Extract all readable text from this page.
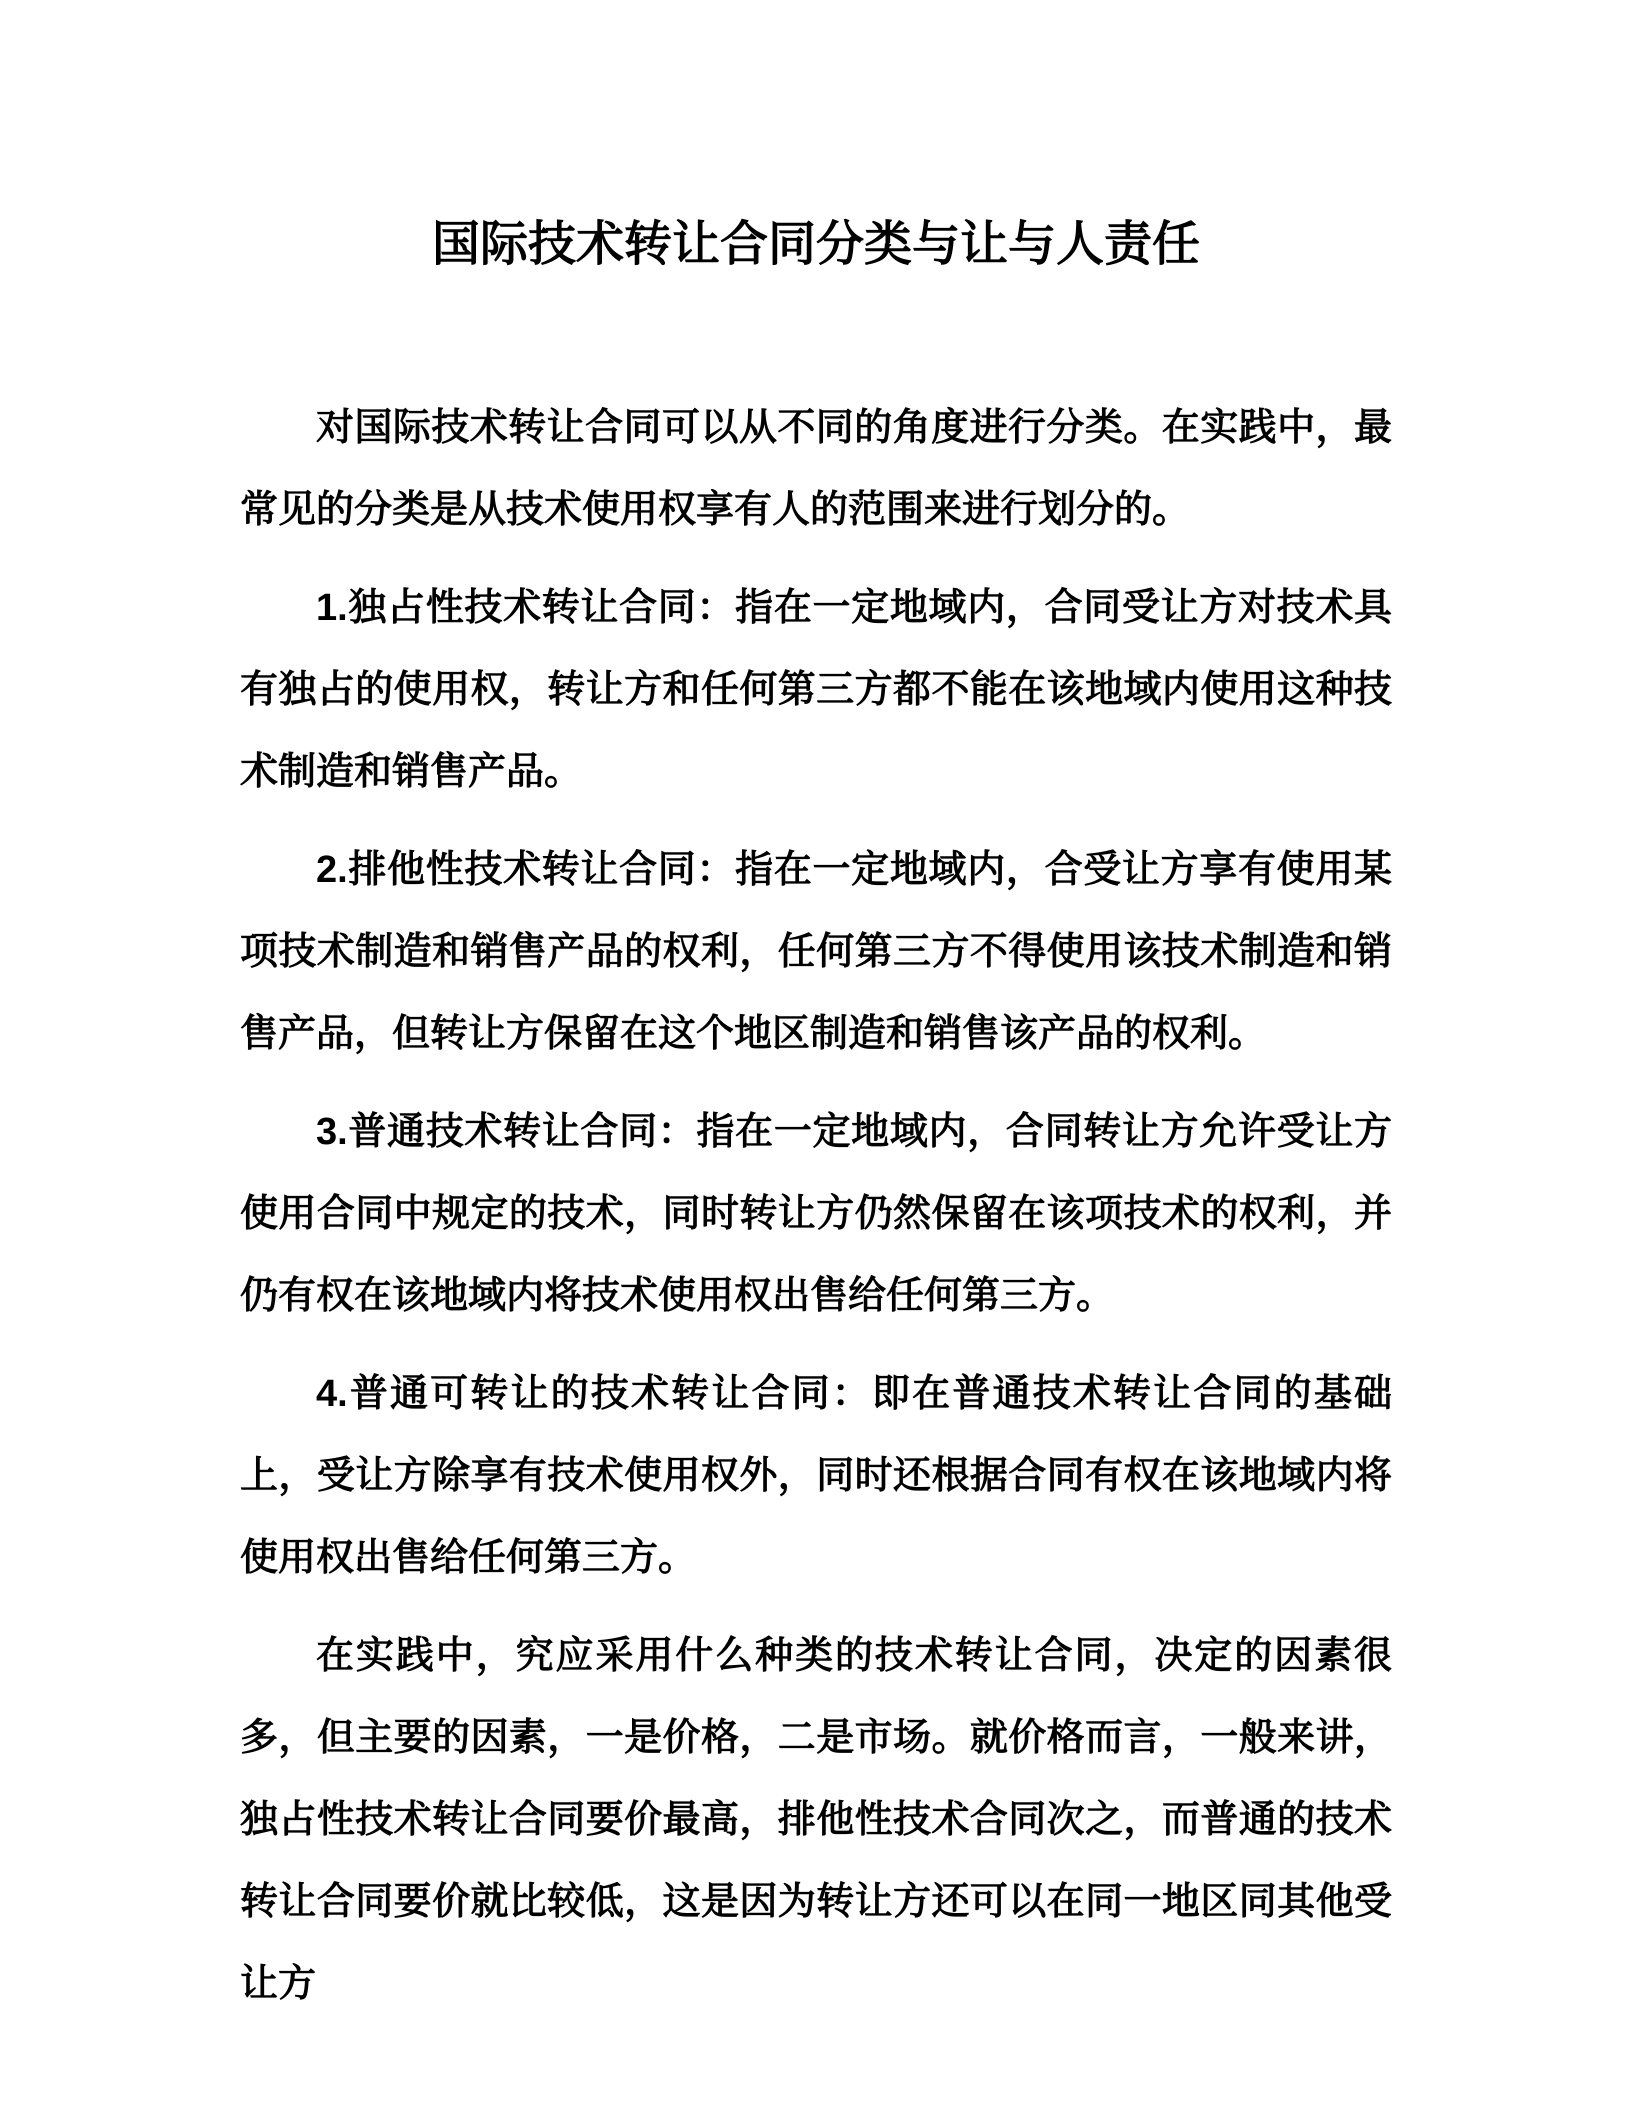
国际技术转让合同分类与让与人责任

对国际技术转让合同可以从不同的角度进行分类。在实践中，最常见的分类是从技术使用权享有人的范围来进行划分的。

1.独占性技术转让合同：指在一定地域内，合同受让方对技术具有独占的使用权，转让方和任何第三方都不能在该地域内使用这种技术制造和销售产品。

2.排他性技术转让合同：指在一定地域内，合受让方享有使用某项技术制造和销售产品的权利，任何第三方不得使用该技术制造和销售产品，但转让方保留在这个地区制造和销售该产品的权利。

3.普通技术转让合同：指在一定地域内，合同转让方允许受让方使用合同中规定的技术，同时转让方仍然保留在该项技术的权利，并仍有权在该地域内将技术使用权出售给任何第三方。

4.普通可转让的技术转让合同：即在普通技术转让合同的基础上，受让方除享有技术使用权外，同时还根据合同有权在该地域内将使用权出售给任何第三方。

在实践中，究应采用什么种类的技术转让合同，决定的因素很多，但主要的因素，一是价格，二是市场。就价格而言，一般来讲，独占性技术转让合同要价最高，排他性技术合同次之，而普通的技术转让合同要价就比较低，这是因为转让方还可以在同一地区同其他受让方
